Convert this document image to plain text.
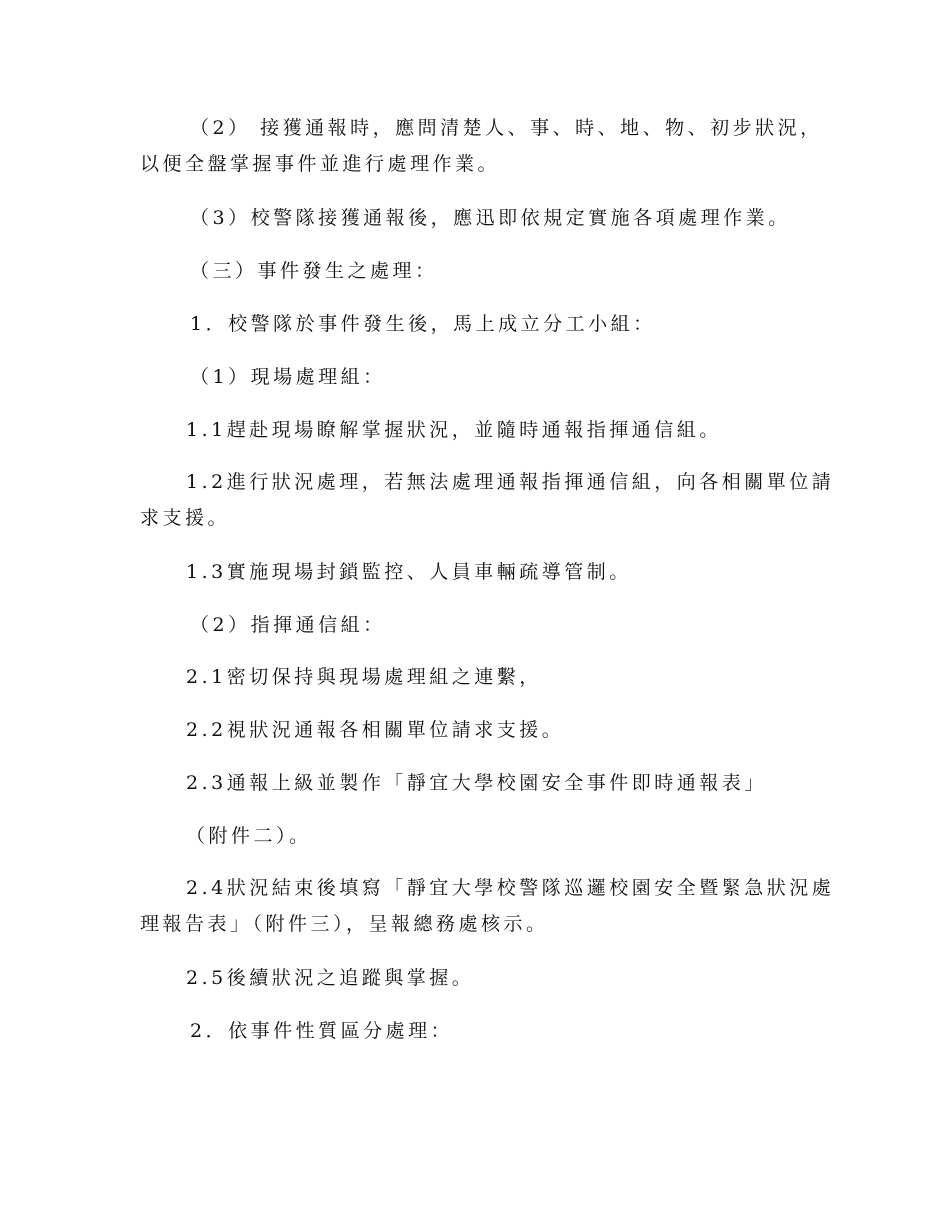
（2） 接獲通報時，應問清楚人、事、時、地、物、初步狀況，
以便全盤掌握事件並進行處理作業。
（3）校警隊接獲通報後，應迅即依規定實施各項處理作業。
（三）事件發生之處理：
1．校警隊於事件發生後，馬上成立分工小組：
（1）現場處理組：
1.1趕赴現場瞭解掌握狀況，並隨時通報指揮通信組。
1.2進行狀況處理，若無法處理通報指揮通信組，向各相關單位請
求支援。
1.3實施現場封鎖監控、人員車輛疏導管制。
（2）指揮通信組：
2.1密切保持與現場處理組之連繫，
2.2視狀況通報各相關單位請求支援。
2.3通報上級並製作「靜宜大學校園安全事件即時通報表」
（附件二）。
2.4狀況結束後填寫「靜宜大學校警隊巡邏校園安全暨緊急狀況處
理報告表」（附件三），呈報總務處核示。
2.5後續狀況之追蹤與掌握。
2．依事件性質區分處理：
